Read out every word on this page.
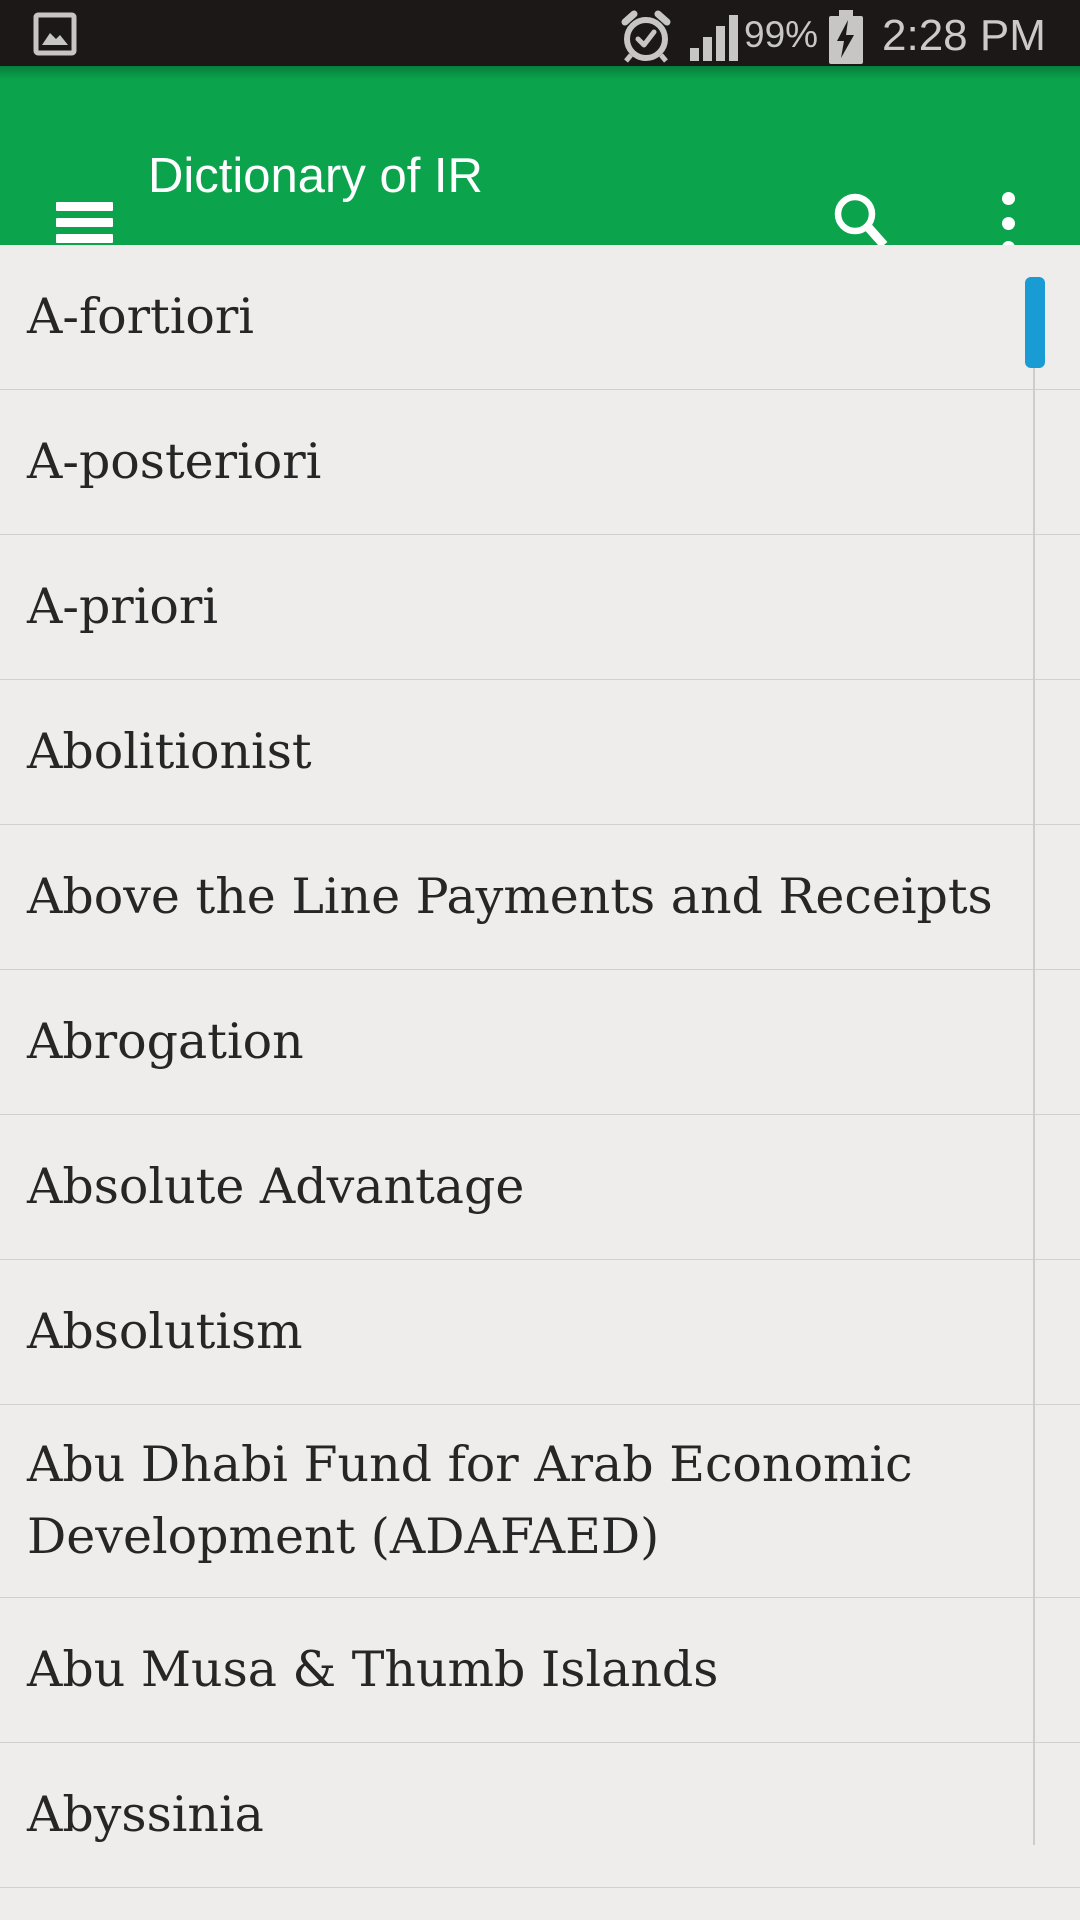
99% 2:28 PM
Dictionary of IR
A-fortiori
A-posteriori
A-priori
Abolitionist
Above the Line Payments and Receipts
Abrogation
Absolute Advantage
Absolutism
Abu Dhabi Fund for Arab Economic Development (ADAFAED)
Abu Musa & Thumb Islands
Abyssinia
